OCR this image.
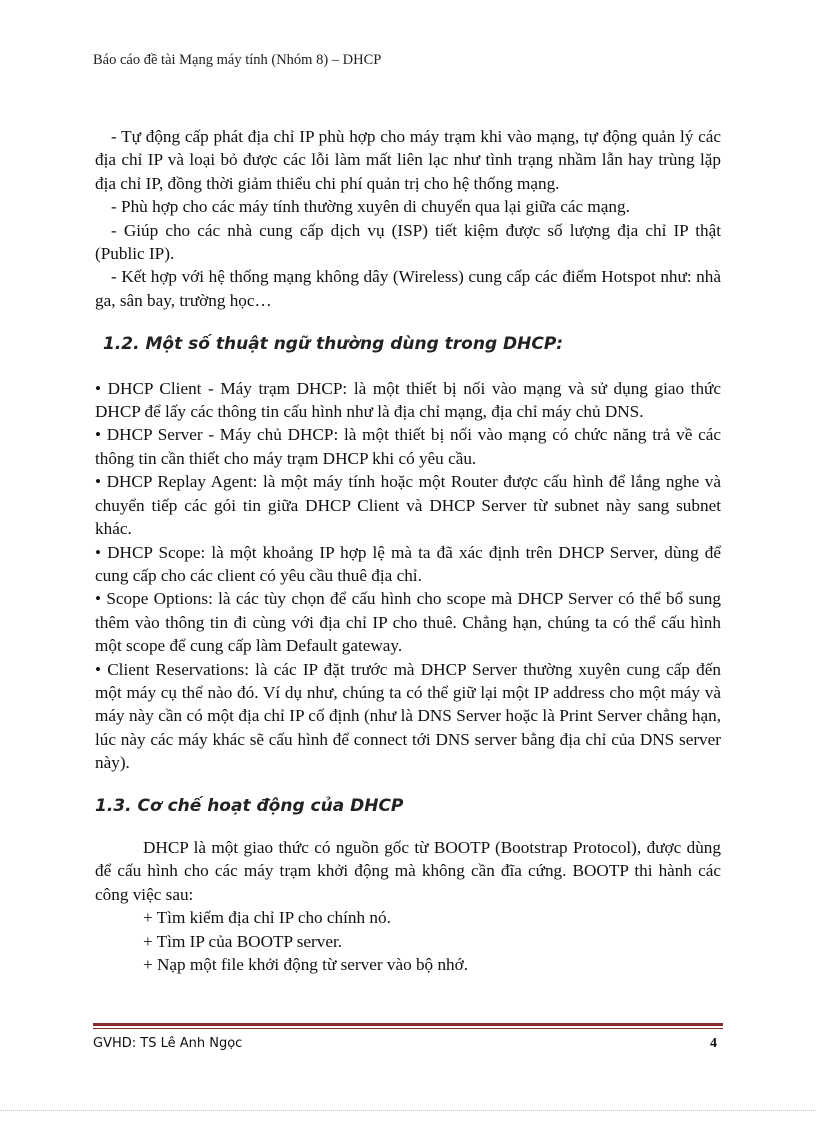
Báo cáo đề tài Mạng máy tính (Nhóm 8) – DHCP

- Tự động cấp phát địa chỉ IP phù hợp cho máy trạm khi vào mạng, tự động quản lý các địa chỉ IP và loại bỏ được các lỗi làm mất liên lạc như tình trạng nhầm lẫn hay trùng lặp địa chỉ IP, đồng thời giảm thiểu chi phí quản trị cho hệ thống mạng.

- Phù hợp cho các máy tính thường xuyên di chuyển qua lại giữa các mạng.

- Giúp cho các nhà cung cấp dịch vụ (ISP) tiết kiệm được số lượng địa chỉ IP thật (Public IP).

- Kết hợp với hệ thống mạng không dây (Wireless) cung cấp các điểm Hotspot như: nhà ga, sân bay, trường học…

1.2. Một số thuật ngữ thường dùng trong DHCP:

• DHCP Client - Máy trạm DHCP: là một thiết bị nối vào mạng và sử dụng giao thức DHCP để lấy các thông tin cấu hình như là địa chỉ mạng, địa chỉ máy chủ DNS.

• DHCP Server - Máy chủ DHCP: là một thiết bị nối vào mạng có chức năng trả về các thông tin cần thiết cho máy trạm DHCP khi có yêu cầu.

• DHCP Replay Agent: là một máy tính hoặc một Router được cấu hình để lắng nghe và chuyển tiếp các gói tin giữa DHCP Client và DHCP Server từ subnet này sang subnet khác.

• DHCP Scope: là một khoảng IP hợp lệ mà ta đã xác định trên DHCP Server, dùng để cung cấp cho các client có yêu cầu thuê địa chỉ.

• Scope Options: là các tùy chọn để cấu hình cho scope mà DHCP Server có thể bổ sung thêm vào thông tin đi cùng với địa chỉ IP cho thuê. Chẳng hạn, chúng ta có thể cấu hình một scope để cung cấp làm Default gateway.

• Client Reservations: là các IP đặt trước mà DHCP Server thường xuyên cung cấp đến một máy cụ thể nào đó. Ví dụ như, chúng ta có thể giữ lại một IP address cho một máy và máy này cần có một địa chỉ IP cố định (như là DNS Server hoặc là Print Server chẳng hạn, lúc này các máy khác sẽ cấu hình để connect tới DNS server bằng địa chỉ của DNS server này).

1.3. Cơ chế hoạt động của DHCP

DHCP là một giao thức có nguồn gốc từ BOOTP (Bootstrap Protocol), được dùng để cấu hình cho các máy trạm khởi động mà không cần đĩa cứng. BOOTP thi hành các công việc sau:

+ Tìm kiếm địa chỉ IP cho chính nó.

+ Tìm IP của BOOTP server.

+ Nạp một file khởi động từ server vào bộ nhớ.

GVHD: TS Lê Anh Ngọc	4
